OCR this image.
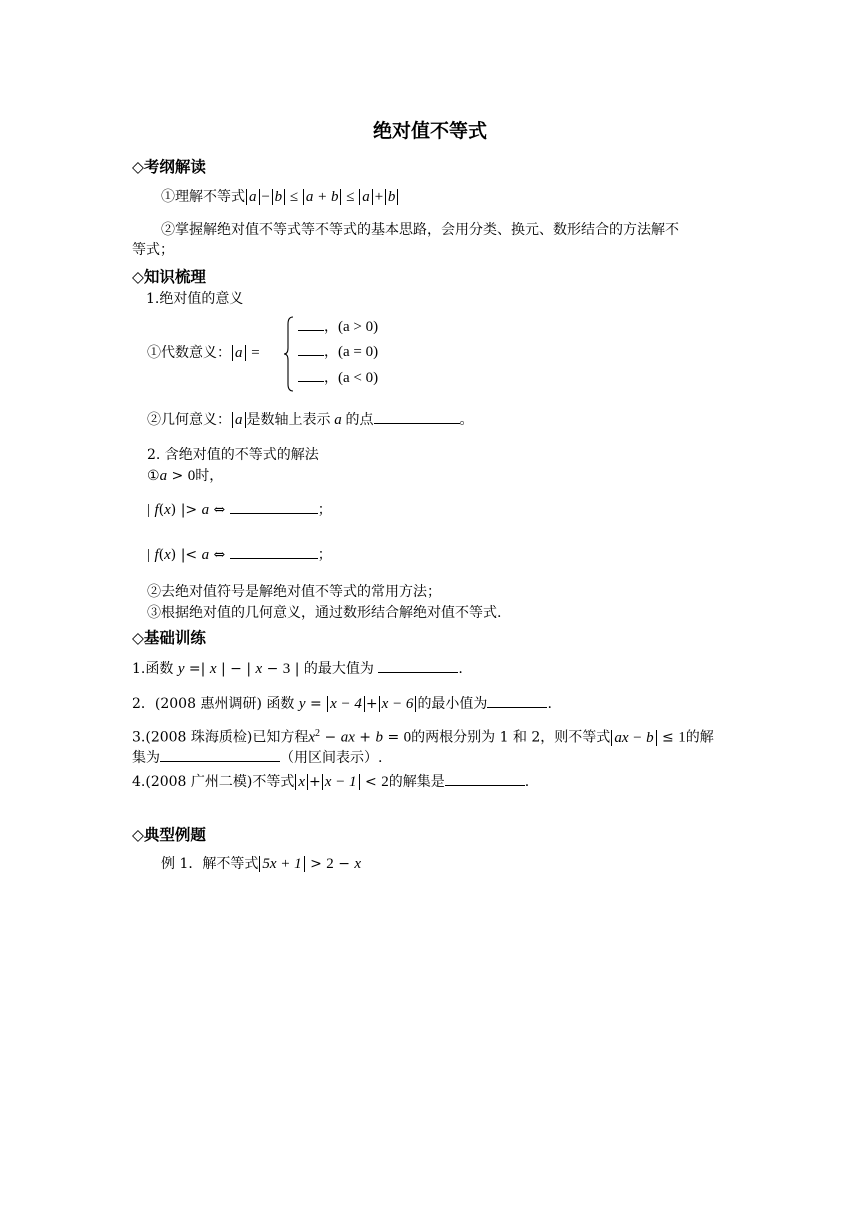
绝对值不等式
◇考纲解读
①理解不等式 a − b ≤ a + b ≤ a + b
②掌握解绝对值不等式等不等式的基本思路，会用分类、换元、数形结合的方法解不
等式；
◇知识梳理
1.绝对值的意义
①代数意义： a =
，(a > 0)
，(a = 0)
，(a < 0)
②几何意义： a 是数轴上表示 a 的点	。
2. 含绝对值的不等式的解法
①a > 0时，
| f(x) |> a ⇔	；
| f(x) |< a ⇔	；
②去绝对值符号是解绝对值不等式的常用方法；
③根据绝对值的几何意义，通过数形结合解绝对值不等式.
◇基础训练
1.函数 y =| x | − | x − 3 | 的最大值为	.
2．(2008 惠州调研) 函数 y = x − 4 + x − 6 的最小值为	.
3.(2008 珠海质检)已知方程$x^2$ − ax + b = 0的两根分别为 1 和 2，则不等式 ax − b ≤ 1的解
集为	（用区间表示）.
4.(2008 广州二模)不等式 x + x − 1 < 2的解集是	.
◇典型例题
例 1．解不等式 5x + 1 > 2 − x
